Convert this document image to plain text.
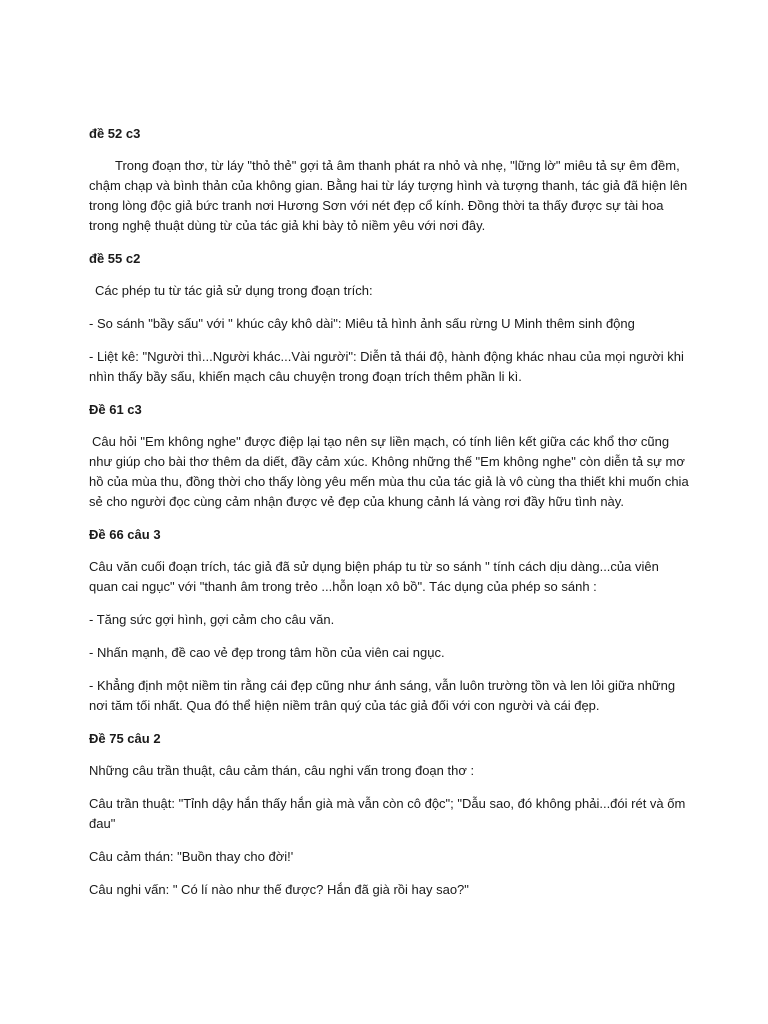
đề 52 c3

Trong đoạn thơ, từ láy "thỏ thẻ" gợi tả âm thanh phát ra nhỏ và nhẹ, "lững lờ" miêu tả sự êm đềm, chậm chạp và bình thản của không gian. Bằng hai từ láy tượng hình và tượng thanh, tác giả đã hiện lên trong lòng độc giả bức tranh nơi Hương Sơn với nét đẹp cổ kính. Đồng thời ta thấy được sự tài hoa trong nghệ thuật dùng từ của tác giả khi bày tỏ niềm yêu với nơi đây.

đề 55 c2

Các phép tu từ tác giả sử dụng trong đoạn trích:

- So sánh "bầy sấu" với " khúc cây khô dài": Miêu tả hình ảnh sấu rừng U Minh thêm sinh động

- Liệt kê: "Người thì...Người khác...Vài người": Diễn tả thái độ, hành động khác nhau của mọi người khi nhìn thấy bầy sấu, khiến mạch câu chuyện trong đoạn trích thêm phần li kì.

Đề 61 c3

Câu hỏi "Em không nghe" được điệp lại tạo nên sự liền mạch, có tính liên kết giữa các khổ thơ cũng như giúp cho bài thơ thêm da diết, đầy cảm xúc. Không những thế "Em không nghe" còn diễn tả sự mơ hồ của mùa thu, đồng thời cho thấy lòng yêu mến mùa thu của tác giả là vô cùng tha thiết khi muốn chia sẻ cho người đọc cùng cảm nhận được vẻ đẹp của khung cảnh lá vàng rơi đầy hữu tình này.

Đề 66 câu 3

Câu văn cuối đoạn trích, tác giả đã sử dụng biện pháp tu từ so sánh " tính cách dịu dàng...của viên quan cai ngục" với "thanh âm trong trẻo ...hỗn loạn xô bồ". Tác dụng của phép so sánh :

- Tăng sức gợi hình, gợi cảm cho câu văn.

- Nhấn mạnh, đề cao vẻ đẹp trong tâm hồn của viên cai ngục.

- Khẳng định một niềm tin rằng cái đẹp cũng như ánh sáng, vẫn luôn trường tồn và len lỏi giữa những nơi tăm tối nhất. Qua đó thể hiện niềm trân quý của tác giả đối với con người và cái đẹp.

Đề 75 câu 2

Những câu trần thuật, câu cảm thán, câu nghi vấn trong đoạn thơ :

Câu trần thuật: "Tỉnh dậy hắn thấy hắn già mà vẫn còn cô độc"; "Dẫu sao, đó không phải...đói rét và ốm đau"

Câu cảm thán: "Buồn thay cho đời!'

Câu nghi vấn: " Có lí nào như thế được? Hắn đã già rồi hay sao?"
